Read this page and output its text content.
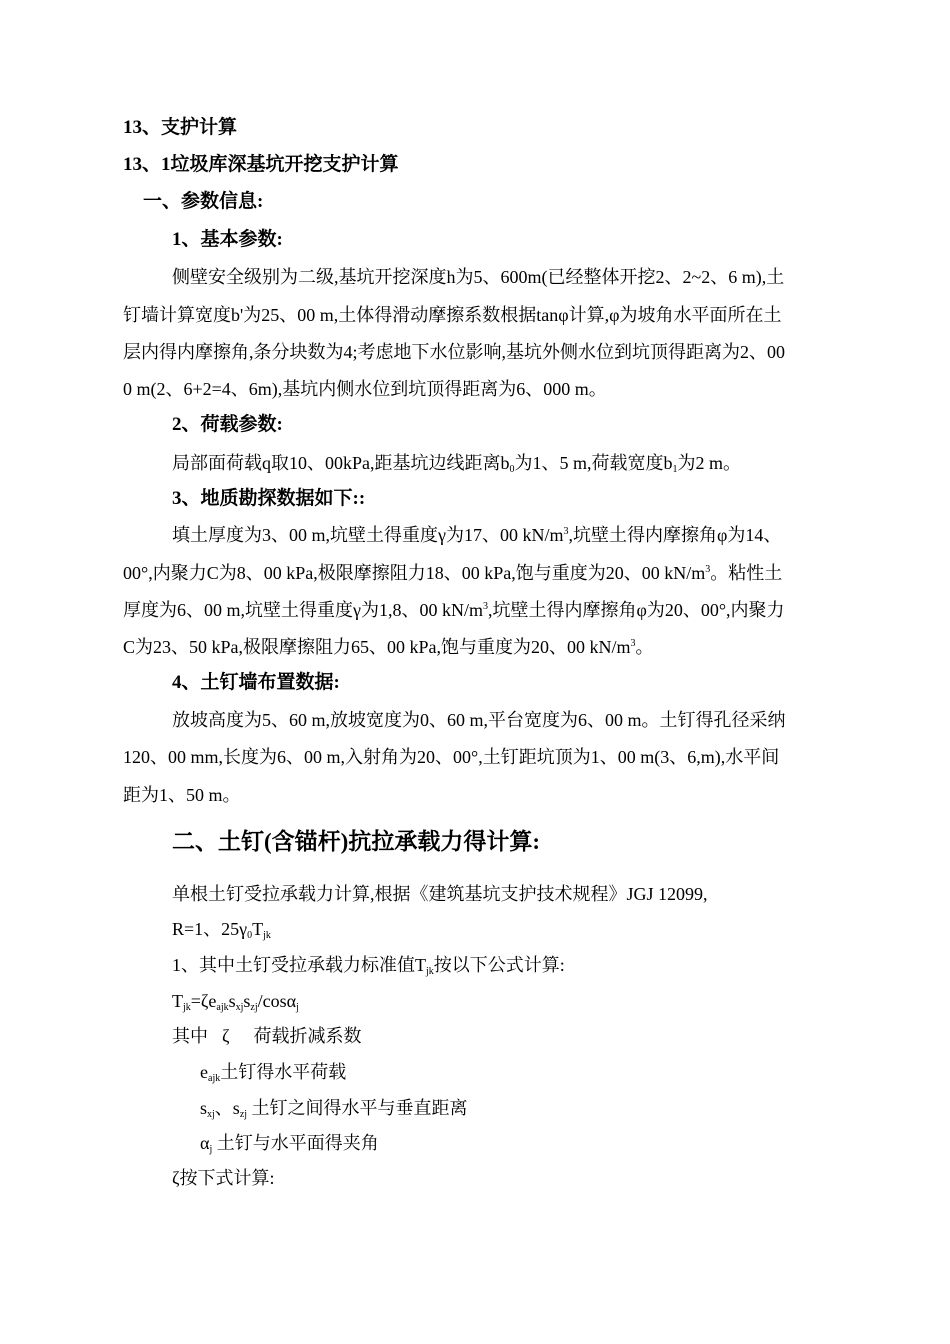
13、支护计算
13、1垃圾库深基坑开挖支护计算
一、参数信息:
1、基本参数:
侧壁安全级别为二级,基坑开挖深度h为5、600m(已经整体开挖2、2~2、6 m),土
钉墙计算宽度b'为25、00 m,土体得滑动摩擦系数根据tanφ计算,φ为坡角水平面所在土
层内得内摩擦角,条分块数为4;考虑地下水位影响,基坑外侧水位到坑顶得距离为2、00
0 m(2、6+2=4、6m),基坑内侧水位到坑顶得距离为6、000 m。
2、荷载参数:
局部面荷载q取10、00kPa,距基坑边线距离$b_0$为1、5 m,荷载宽度$b_1$为2 m。
3、地质勘探数据如下::
填土厚度为3、00 m,坑壁土得重度γ为17、00 $kN/m^3$,坑壁土得内摩擦角φ为14、
00°,内聚力C为8、00 kPa,极限摩擦阻力18、00 kPa,饱与重度为20、00 $kN/m^3$。粘性土
厚度为6、00 m,坑壁土得重度γ为1,8、00 $kN/m^3$,坑壁土得内摩擦角φ为20、00°,内聚力
C为23、50 kPa,极限摩擦阻力65、00 kPa,饱与重度为20、00 $kN/m^3$。
4、土钉墙布置数据:
放坡高度为5、60 m,放坡宽度为0、60 m,平台宽度为6、00 m。土钉得孔径采纳
120、00 mm,长度为6、00 m,入射角为20、00°,土钉距坑顶为1、00 m(3、6,m),水平间
距为1、50 m。
二、土钉(含锚杆)抗拉承载力得计算:
单根土钉受拉承载力计算,根据《建筑基坑支护技术规程》JGJ 12099,
R=1、$25\gamma_0T_{jk}$
1、其中土钉受拉承载力标准值$T_{jk}$按以下公式计算:
$T_{jk}=\zeta e_{ajk}s_{xj}s_{zj}/\cos\alpha_j$
其中 ζ 荷载折减系数
$e_{ajk}$土钉得水平荷载
$s_{xj}$、$s_{zj}$ 土钉之间得水平与垂直距离
$\alpha_j$ 土钉与水平面得夹角
ζ按下式计算:
